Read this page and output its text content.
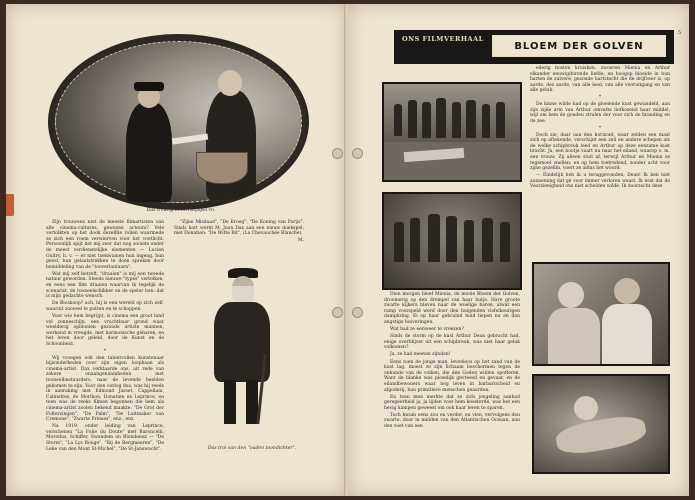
Das treurig in een blijspel-ro.

Zijn trouwens niet de meeste filmartisten van alle cinema-cultures, gewezen acteurs? Vele vertolkten op het dook dezelfde rollen waarmede ze zich een roem verwierven voor het voetlicht. Persoonlijk spijt het mij zeer dat nog zooiets onder de meest verdienstelijke elementen — Lucien Guitry, h. v. — er niet toekwamen hun ingeng, hun geest, hun gelaatstrekken te doen spreken door bemiddeling van de "tooverlantaarn".

Wat mij zelf betreft, "draaien" is mij een tweede natuur geworden. Steeds nieuwe "types" vertolken, en eens een film draaien waarvan ik tegelijk de scenarist, de tooneelschikker en de speler ben: dat is mijn gedachte wensch.

De Bioskoop? ach, hij is een wereld op zich zelf, waaruit zooveel te putten en te schoppen.

Voor wie hem begrijpt, is cinema een groot land vol zonneschijn, een vruchtbaar grond waar weelderig opbloeien gezonde artiste mannen, werkend in vreugde, met harmonische gebaren, en het leven door geleid, door de Kunst en de Schoonheid.

*

Wij vroegen ook den talentvollen kunstenaar bijzonderheden over zijn eigen loopbaan als cinema-artist. Dax verklaarde ons, uit rede van zekere onaangenaamheden met tooneelbestuurders, naar de levende beelden gekomen te zijn. Voor den oorlog dus, was hij reeds in aanraking met Edmond Jasset, Cappellani, Calmettes, de Morlhon, Donatien en Leprince, en toen was de reeks filmen begonnen die hem als cinema-artist zoolen bekend maakte: "De Grot der Folterzingen", "De Palm", "De Luitmaker van Cremone", "Zwarte Prinses", enz., enz.

Na 1919, onder leiding van Leprince, verschenen "La Folie du Doute" met Baroncelli, Morodus, Schiffer, Swandem en Blondenez — "De Storm", "La Lys Rouge", "Bij de Bergmeeren", "De Lelie van den Mont St-Michel", "De St-Janswacht".

"Zijne Misdaad", "De Kroeg", "De Koning van Parijs". Sinds kort werkt M. Jean Dax aan een nieuw doekspel; met Donatien: "De Witte Rit", (La Chevauchée Blanche).

M.

Das trol van den "ouden toondichter".
5
ONS FILMVERHAAL
BLOEM DER GOLVEN

Dien morgen bleef Mienia, de mooie Bloem der Golven, droomerig op den drempel van haar hutje. Hare groote zwarte kijkers bleven naar de woelige baren, alwat een ramp voorspeld werd door den huigenden visfelkeurigen dampkring. Ei op haar gebruind huid liepen nu en dan angstige huiveringen.

Wat had ze eenweer te vreezen?

Sinds de storm op de kust Arthur Dean gebracht had, enige overblijver uit een schipbreuk, was niet haar geluk volkomen?

Ja, ze had meeten zijnden!

Eens toen de jonge man, levenloos op het zand van de kust lag, moest ze zijn lichaam beschermen tegen de onkunde van de volken, die den Goden wilden opofferen. Want de blanke was ploselijk gevreesd en gevaar, en de eilandbewoners waar nog leven in barbarischeid en afgoderij, hun primitieve menschen geaarden.

En toen men merkte dat ze zich jongeling aanbad geregeerheid ja, ja lijden voor hem koesterde, was het een hevig kampen geweest om ook haar leven te sparen.

Toch kwam eens zou en verder, en vlen, vervolgens den zwarte, door in midden van den Atlantischen Oceaan, aan den voet van een

ederig bosten kruisken, zwoeren Mienia en Arthur elkander eeuwigdurende liefde; en hoogop bloeide in hun harten de zuivere, gezonde hartstocht die de drijfveer is, op aarde, des aarde, van alle leed, van alle vooruitgang en van alle geluk.

*

De kinne wilde had op de gloeiende kust gewandeld, aan zijn zijde arm van Arthur omvatte liefkozend haar middel, wijl om hem de gouden stralen der voor zich de branding en de zee.

*

Doch zie, daar aan den horizont, waar zelden een mast zich op aftekende, verschijnt een zeil en andere schepen als de welke schipbreuk leed en Arthur op deze eenzame kust bracht. Ja, een bootje vaart nu naar het eiland, waarop o. m. een vrouw. Zij alleen sluit af, terwijl Arthur en Mienia ze tegemoet snellen; en op hem toetredend, zonder acht voor zijne gezellin, voert ze aldus het woord:

— Eindelijk heb ik u teruggevonden, Dean! Ik ken niet aanneming dat ge voor immer verloren waart. Ik wist dat de Voorzienigheid ons niet scheiden wilde. Ik doorzocht deze
